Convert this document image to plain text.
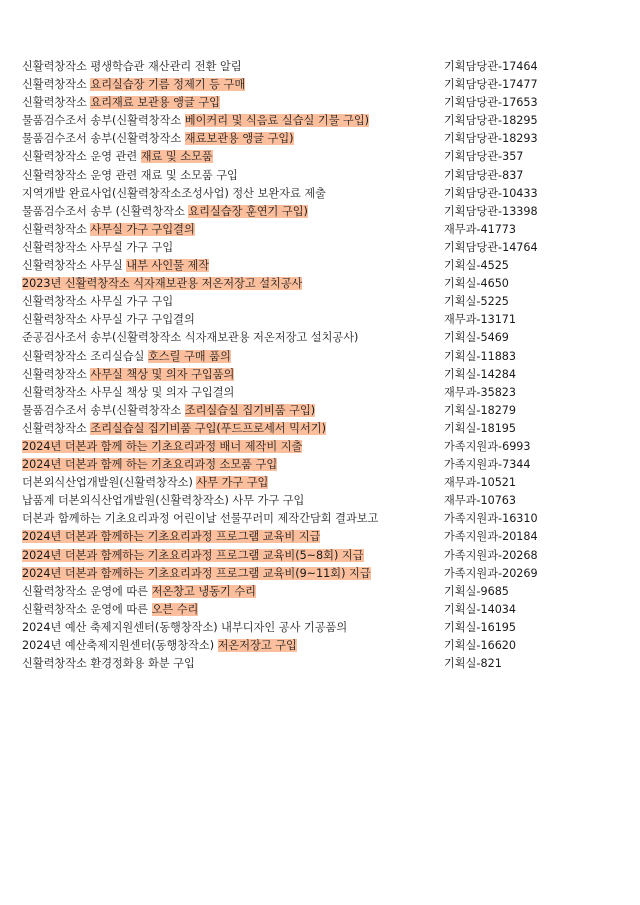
신활력창작소 평생학습관 재산관리 전환 알림	기획담당관-17464
신활력창작소 요리실습장 기름 정제기 등 구매	기획담당관-17477
신활력창작소 요리재료 보관용 앵글 구입	기획담당관-17653
물품검수조서 송부(신활력창작소 베이커리 및 식음료 실습실 기물 구입)	기획담당관-18295
물품검수조서 송부(신활력창작소 재료보관용 앵글 구입)	기획담당관-18293
신활력창작소 운영 관련 재료 및 소모품	기획담당관-357
신활력창작소 운영 관련 재료 및 소모품 구입	기획담당관-837
지역개발 완료사업(신활력창작소조성사업) 정산 보완자료 제출	기획담당관-10433
물품검수조서 송부 (신활력창작소 요리실습장 훈연기 구입)	기획담당관-13398
신활력창작소 사무실 가구 구입결의	재무과-41773
신활력창작소 사무실 가구 구입	기획담당관-14764
신활력창작소 사무실 내부 사인물 제작	기획실-4525
2023년 신활력창작소 식자재보관용 저온저장고 설치공사	기획실-4650
신활력창작소 사무실 가구 구입	기획실-5225
신활력창작소 사무실 가구 구입결의	재무과-13171
준공검사조서 송부(신활력창작소 식자재보관용 저온저장고 설치공사)	기획실-5469
신활력창작소 조리실습실 호스릴 구매 품의	기획실-11883
신활력창작소 사무실 책상 및 의자 구입품의	기획실-14284
신활력창작소 사무실 책상 및 의자 구입결의	재무과-35823
물품검수조서 송부(신활력창작소 조리실습실 집기비품 구입)	기획실-18279
신활력창작소 조리실습실 집기비품 구입(푸드프로세서 믹서기)	기획실-18195
2024년 더본과 함께 하는 기초요리과정 배너 제작비 지출	가족지원과-6993
2024년 더본과 함께 하는 기초요리과정 소모품 구입	가족지원과-7344
더본외식산업개발원(신활력창작소) 사무 가구 구입	재무과-10521
납품계 더본외식산업개발원(신활력창작소) 사무 가구 구입	재무과-10763
더본과 함께하는 기초요리과정 어린이날 선물꾸러미 제작간담회 결과보고	가족지원과-16310
2024년 더본과 함께하는 기초요리과정 프로그램 교육비 지급	가족지원과-20184
2024년 더본과 함께하는 기초요리과정 프로그램 교육비(5~8회) 지급	가족지원과-20268
2024년 더본과 함께하는 기초요리과정 프로그램 교육비(9~11회) 지급	가족지원과-20269
신활력창작소 운영에 따른 저온창고 냉동기 수리	기획실-9685
신활력창작소 운영에 따른 오븐 수리	기획실-14034
2024년 예산 축제지원센터(동행창작소) 내부디자인 공사 기공품의	기획실-16195
2024년 예산축제지원센터(동행창작소) 저온저장고 구입	기획실-16620
신활력창작소 환경정화용 화분 구입	기획실-821
